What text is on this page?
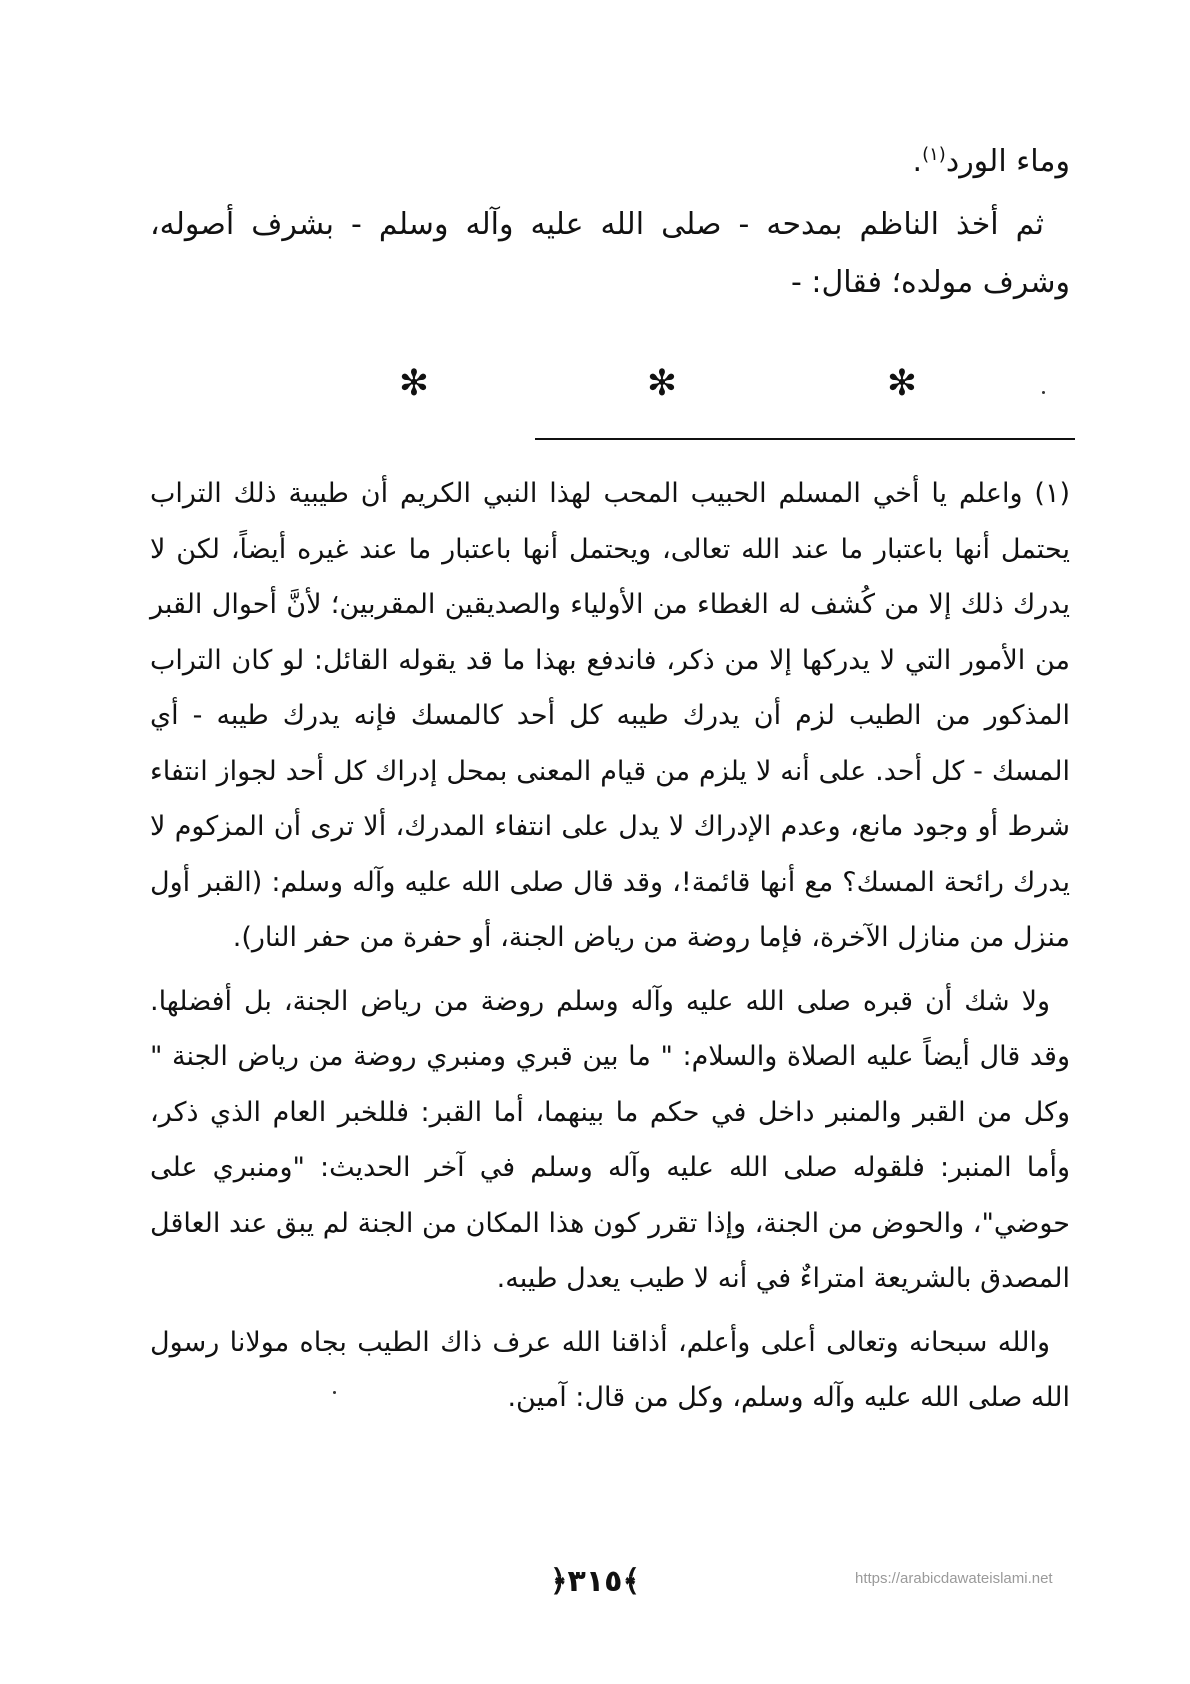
وماء الورد$^{(١)}$.
ثم أخذ الناظم بمدحه - صلى الله عليه وآله وسلم - بشرف أصوله، وشرف مولده؛ فقال: -
✻
✻
✻

(١) واعلم يا أخي المسلم الحبيب المحب لهذا النبي الكريم أن طيبية ذلك التراب يحتمل أنها باعتبار ما عند الله تعالى، ويحتمل أنها باعتبار ما عند غيره أيضاً، لكن لا يدرك ذلك إلا من كُشف له الغطاء من الأولياء والصديقين المقربين؛ لأنَّ أحوال القبر من الأمور التي لا يدركها إلا من ذكر، فاندفع بهذا ما قد يقوله القائل: لو كان التراب المذكور من الطيب لزم أن يدرك طيبه كل أحد كالمسك فإنه يدرك طيبه - أي المسك - كل أحد. على أنه لا يلزم من قيام المعنى بمحل إدراك كل أحد لجواز انتفاء شرط أو وجود مانع، وعدم الإدراك لا يدل على انتفاء المدرك، ألا ترى أن المزكوم لا يدرك رائحة المسك؟ مع أنها قائمة!، وقد قال صلى الله عليه وآله وسلم: (القبر أول منزل من منازل الآخرة، فإما روضة من رياض الجنة، أو حفرة من حفر النار).

ولا شك أن قبره صلى الله عليه وآله وسلم روضة من رياض الجنة، بل أفضلها. وقد قال أيضاً عليه الصلاة والسلام: " ما بين قبري ومنبري روضة من رياض الجنة " وكل من القبر والمنبر داخل في حكم ما بينهما، أما القبر: فللخبر العام الذي ذكر، وأما المنبر: فلقوله صلى الله عليه وآله وسلم في آخر الحديث: "ومنبري على حوضي"، والحوض من الجنة، وإذا تقرر كون هذا المكان من الجنة لم يبق عند العاقل المصدق بالشريعة امتراءٌ في أنه لا طيب يعدل طيبه.

والله سبحانه وتعالى أعلى وأعلم، أذاقنا الله عرف ذاك الطيب بجاه مولانا رسول الله صلى الله عليه وآله وسلم، وكل من قال: آمين.

﴿٣١٥﴾	https://arabicdawateislami.net
